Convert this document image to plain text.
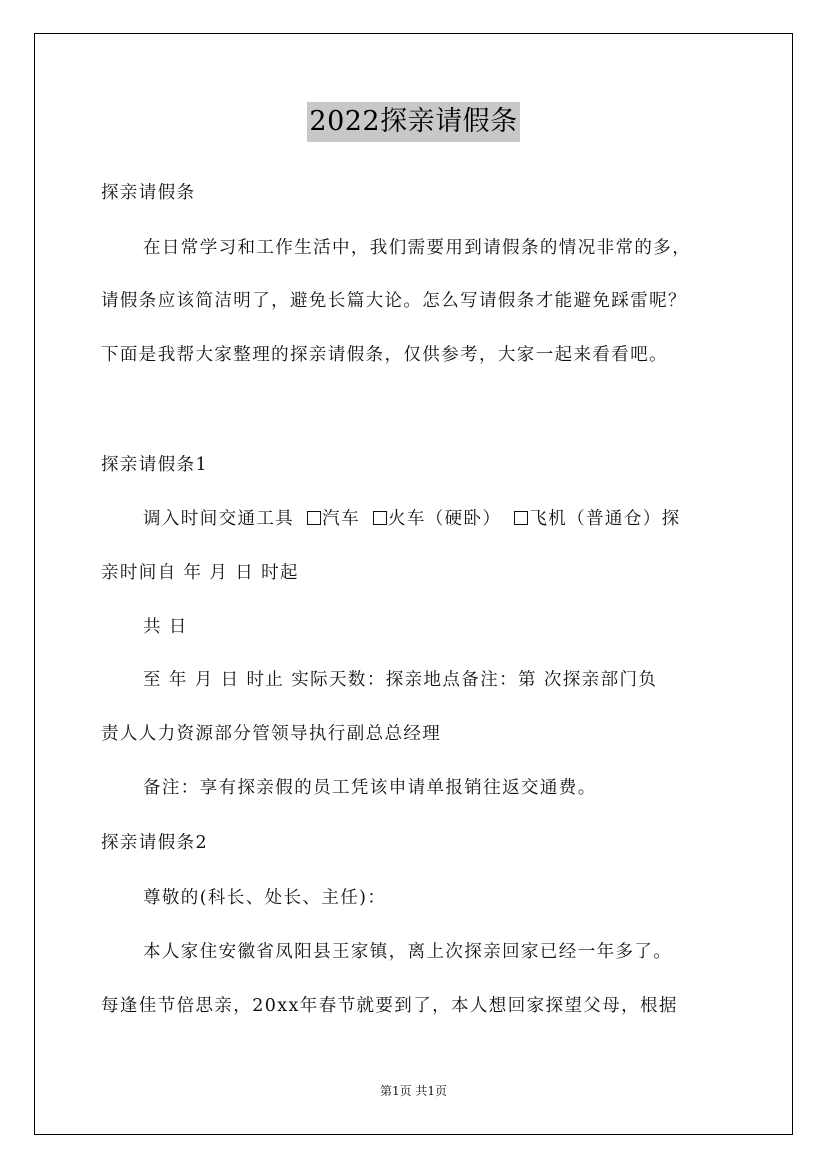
2022探亲请假条
探亲请假条
在日常学习和工作生活中，我们需要用到请假条的情况非常的多，
请假条应该简洁明了，避免长篇大论。怎么写请假条才能避免踩雷呢？
下面是我帮大家整理的探亲请假条，仅供参考，大家一起来看看吧。
探亲请假条1
调入时间交通工具 汽车 火车（硬卧） 飞机（普通仓）探
亲时间自 年 月 日 时起
共 日
至 年 月 日 时止 实际天数：探亲地点备注：第 次探亲部门负
责人人力资源部分管领导执行副总总经理
备注：享有探亲假的员工凭该申请单报销往返交通费。
探亲请假条2
尊敬的(科长、处长、主任)：
本人家住安徽省凤阳县王家镇，离上次探亲回家已经一年多了。
每逢佳节倍思亲，20xx年春节就要到了，本人想回家探望父母，根据
第1页 共1页
